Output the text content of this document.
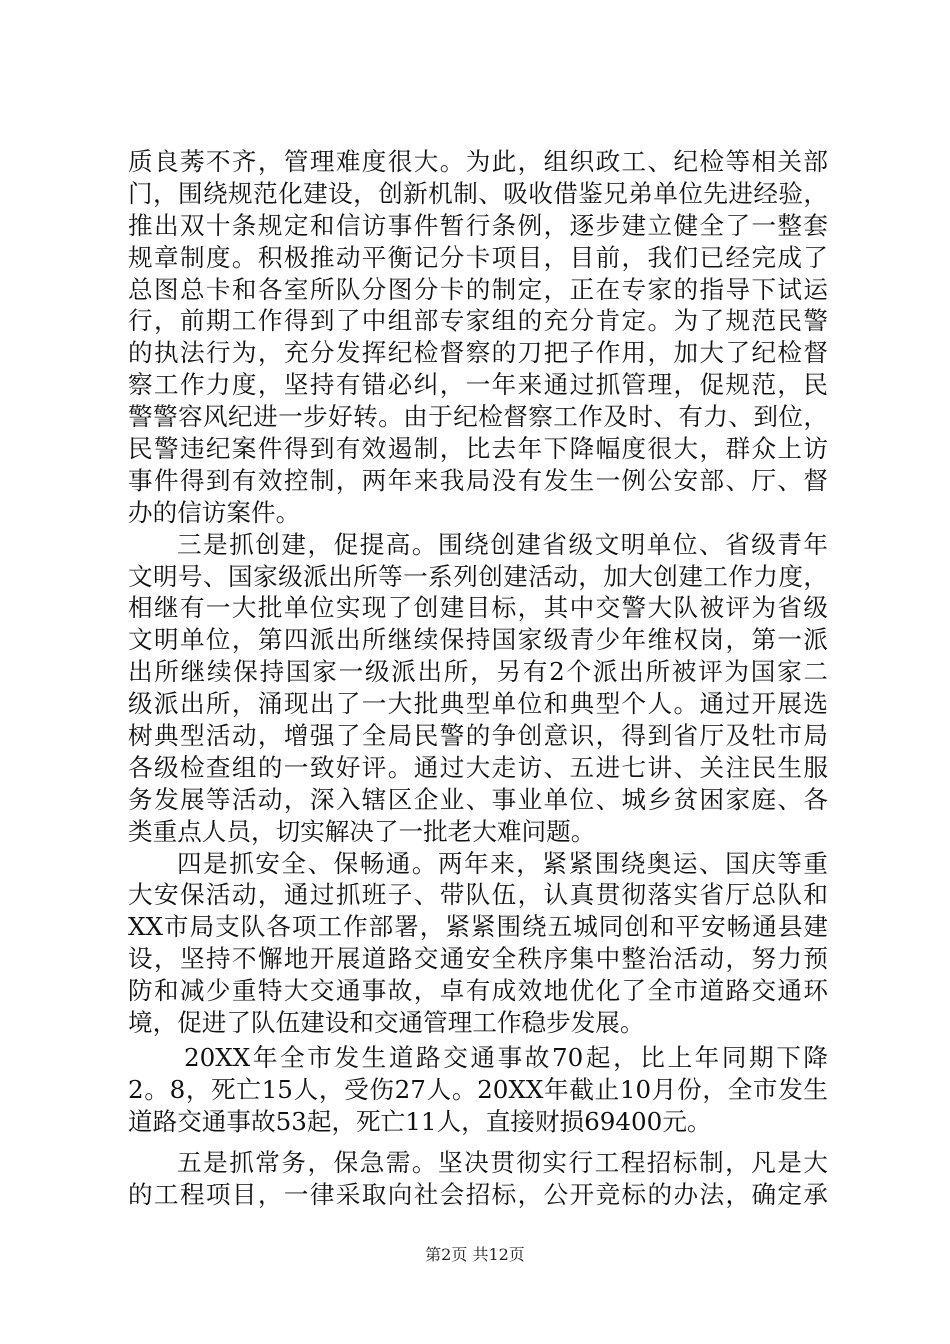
质良莠不齐，管理难度很大。为此，组织政工、纪检等相关部
门，围绕规范化建设，创新机制、吸收借鉴兄弟单位先进经验，
推出双十条规定和信访事件暂行条例，逐步建立健全了一整套
规章制度。积极推动平衡记分卡项目，目前，我们已经完成了
总图总卡和各室所队分图分卡的制定，正在专家的指导下试运
行，前期工作得到了中组部专家组的充分肯定。为了规范民警
的执法行为，充分发挥纪检督察的刀把子作用，加大了纪检督
察工作力度，坚持有错必纠，一年来通过抓管理，促规范，民
警警容风纪进一步好转。由于纪检督察工作及时、有力、到位，
民警违纪案件得到有效遏制，比去年下降幅度很大，群众上访
事件得到有效控制，两年来我局没有发生一例公安部、厅、督
办的信访案件。
三是抓创建，促提高。围绕创建省级文明单位、省级青年
文明号、国家级派出所等一系列创建活动，加大创建工作力度，
相继有一大批单位实现了创建目标，其中交警大队被评为省级
文明单位，第四派出所继续保持国家级青少年维权岗，第一派
出所继续保持国家一级派出所，另有2个派出所被评为国家二
级派出所，涌现出了一大批典型单位和典型个人。通过开展选
树典型活动，增强了全局民警的争创意识，得到省厅及牡市局
各级检查组的一致好评。通过大走访、五进七讲、关注民生服
务发展等活动，深入辖区企业、事业单位、城乡贫困家庭、各
类重点人员，切实解决了一批老大难问题。
四是抓安全、保畅通。两年来，紧紧围绕奥运、国庆等重
大安保活动，通过抓班子、带队伍，认真贯彻落实省厅总队和
XX市局支队各项工作部署，紧紧围绕五城同创和平安畅通县建
设，坚持不懈地开展道路交通安全秩序集中整治活动，努力预
防和减少重特大交通事故，卓有成效地优化了全市道路交通环
境，促进了队伍建设和交通管理工作稳步发展。
20XX年全市发生道路交通事故70起，比上年同期下降
2。8，死亡15人，受伤27人。20XX年截止10月份，全市发生
道路交通事故53起，死亡11人，直接财损69400元。
五是抓常务，保急需。坚决贯彻实行工程招标制，凡是大
的工程项目，一律采取向社会招标，公开竞标的办法，确定承
第2页 共12页
